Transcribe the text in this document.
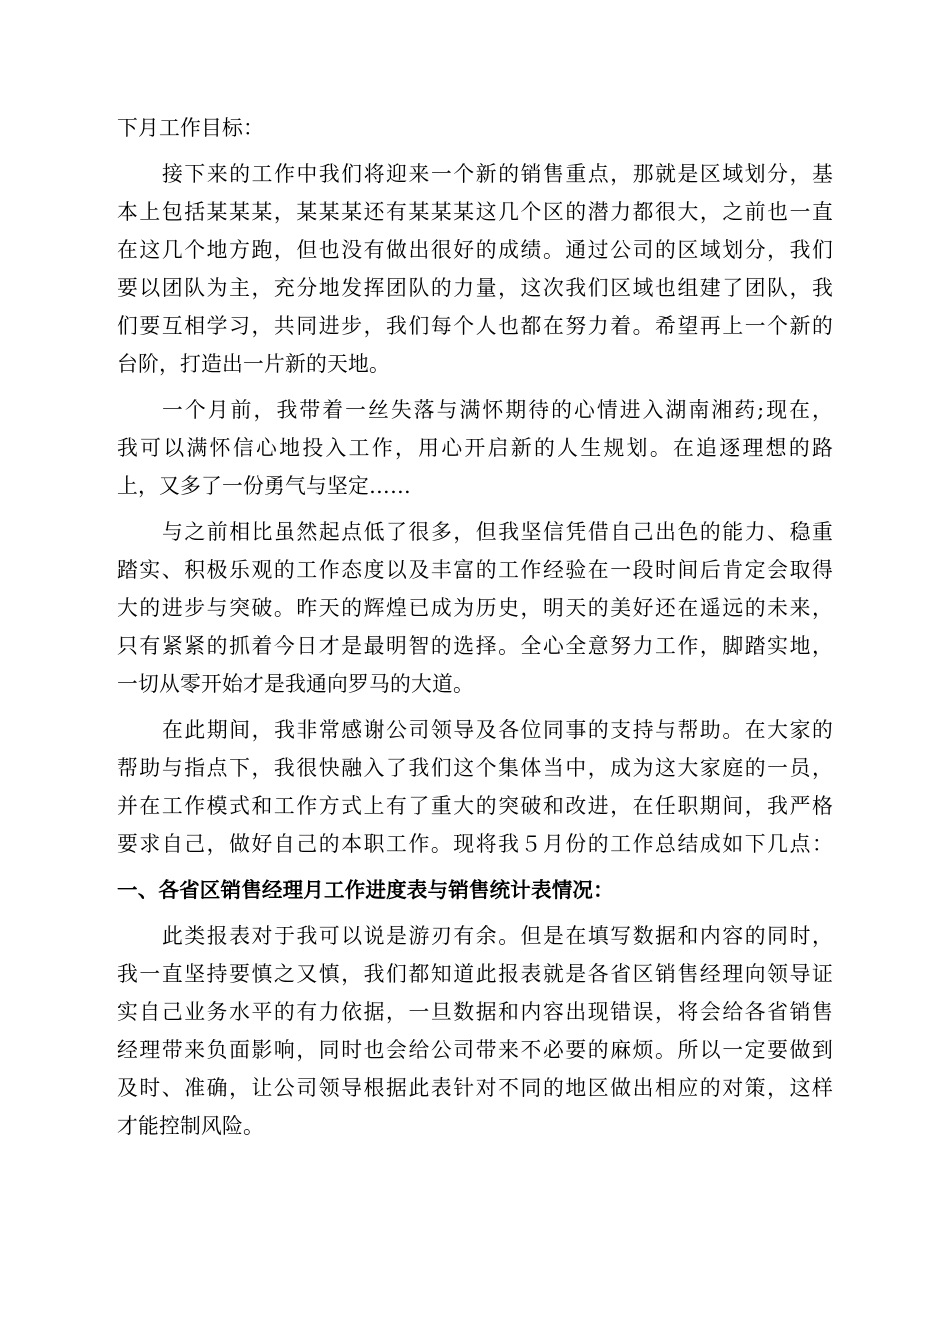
下月工作目标：
接下来的工作中我们将迎来一个新的销售重点，那就是区域划分，基
本上包括某某某，某某某还有某某某这几个区的潜力都很大，之前也一直
在这几个地方跑，但也没有做出很好的成绩。通过公司的区域划分，我们
要以团队为主，充分地发挥团队的力量，这次我们区域也组建了团队，我
们要互相学习，共同进步，我们每个人也都在努力着。希望再上一个新的
台阶，打造出一片新的天地。
一个月前，我带着一丝失落与满怀期待的心情进入湖南湘药;现在，
我可以满怀信心地投入工作，用心开启新的人生规划。在追逐理想的路
上，又多了一份勇气与坚定……
与之前相比虽然起点低了很多，但我坚信凭借自己出色的能力、稳重
踏实、积极乐观的工作态度以及丰富的工作经验在一段时间后肯定会取得
大的进步与突破。昨天的辉煌已成为历史，明天的美好还在遥远的未来，
只有紧紧的抓着今日才是最明智的选择。全心全意努力工作，脚踏实地，
一切从零开始才是我通向罗马的大道。
在此期间，我非常感谢公司领导及各位同事的支持与帮助。在大家的
帮助与指点下，我很快融入了我们这个集体当中，成为这大家庭的一员，
并在工作模式和工作方式上有了重大的突破和改进，在任职期间，我严格
要求自己，做好自己的本职工作。现将我５月份的工作总结成如下几点：
一、各省区销售经理月工作进度表与销售统计表情况：
此类报表对于我可以说是游刃有余。但是在填写数据和内容的同时，
我一直坚持要慎之又慎，我们都知道此报表就是各省区销售经理向领导证
实自己业务水平的有力依据，一旦数据和内容出现错误，将会给各省销售
经理带来负面影响，同时也会给公司带来不必要的麻烦。所以一定要做到
及时、准确，让公司领导根据此表针对不同的地区做出相应的对策，这样
才能控制风险。
